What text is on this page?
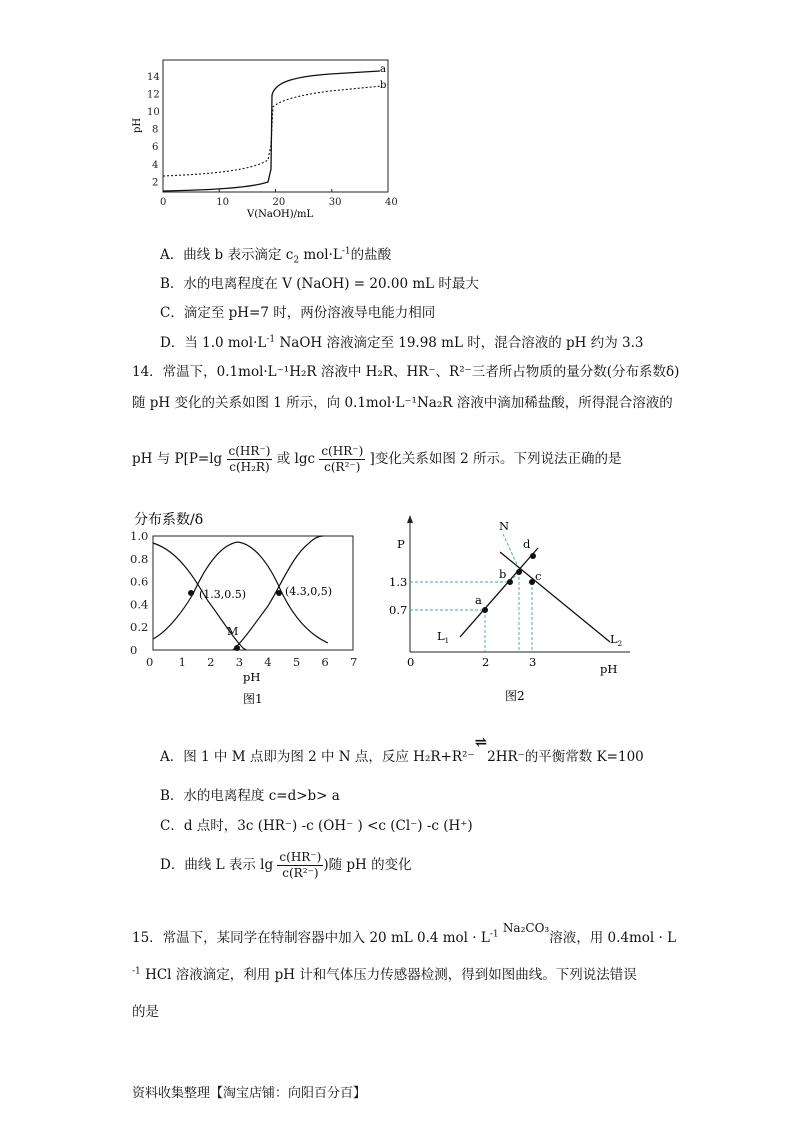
0	10	20	30	40
2
4
6
8
10
12
14
pH
V(NaOH)/mL
a
b
A．曲线 b 表示滴定 $c_2$ $mol\cdot L^{-1}$的盐酸
B．水的电离程度在 V (NaOH) = 20.00 mL 时最大
C．滴定至 pH=7 时，两份溶液导电能力相同
D．当 1.0 $mol\cdot L^{-1}$ NaOH 溶液滴定至 19.98 mL 时，混合溶液的 pH 约为 3.3
14．常温下，0.1mol·L⁻¹H₂R 溶液中 H₂R、HR⁻、R²⁻三者所占物质的量分数(分布系数δ)
随 pH 变化的关系如图 1 所示，向 0.1mol·L⁻¹Na₂R 溶液中滴加稀盐酸，所得混合溶液的
pH 与 $P[P=\lg \frac{c(HR^-)}{\text{c(H₂R)}}$ 或 lgc $\frac{c(HR^-)}{\text{c(R²⁻)}}$ ]变化关系如图 2 所示。下列说法正确的是
分布系数/δ
0
0.2
0.4
0.6
0.8
1.0
0 1 2 3 4 5 6 7
(1.3,0.5)	(4.3,0,5)
M
pH
图1
P
N
d
b c
a
1.3
0.7
$L_1$	$L_2$
0	2	3	pH
图2
A．图 1 中 M 点即为图 2 中 N 点，反应 H₂R+R²⁻⇌2HR⁻的平衡常数 K=100
B．水的电离程度 c=d>b> a
C．d 点时，3c (HR⁻) -c (OH⁻ ) <c (Cl⁻) -c (H⁺)
D．曲线 L 表示 $\lg \frac{c(HR^-)}{\text{c(R²⁻)}}$ )随 pH 的变化
15．常温下，某同学在特制容器中加入 20 mL 0.4 mol · $L^{-1}$ Na₂CO₃溶液，用 0.4mol · L
$^{-1}$ HCl 溶液滴定，利用 pH 计和气体压力传感器检测，得到如图曲线。下列说法错误
的是
资料收集整理【淘宝店铺：向阳百分百】
